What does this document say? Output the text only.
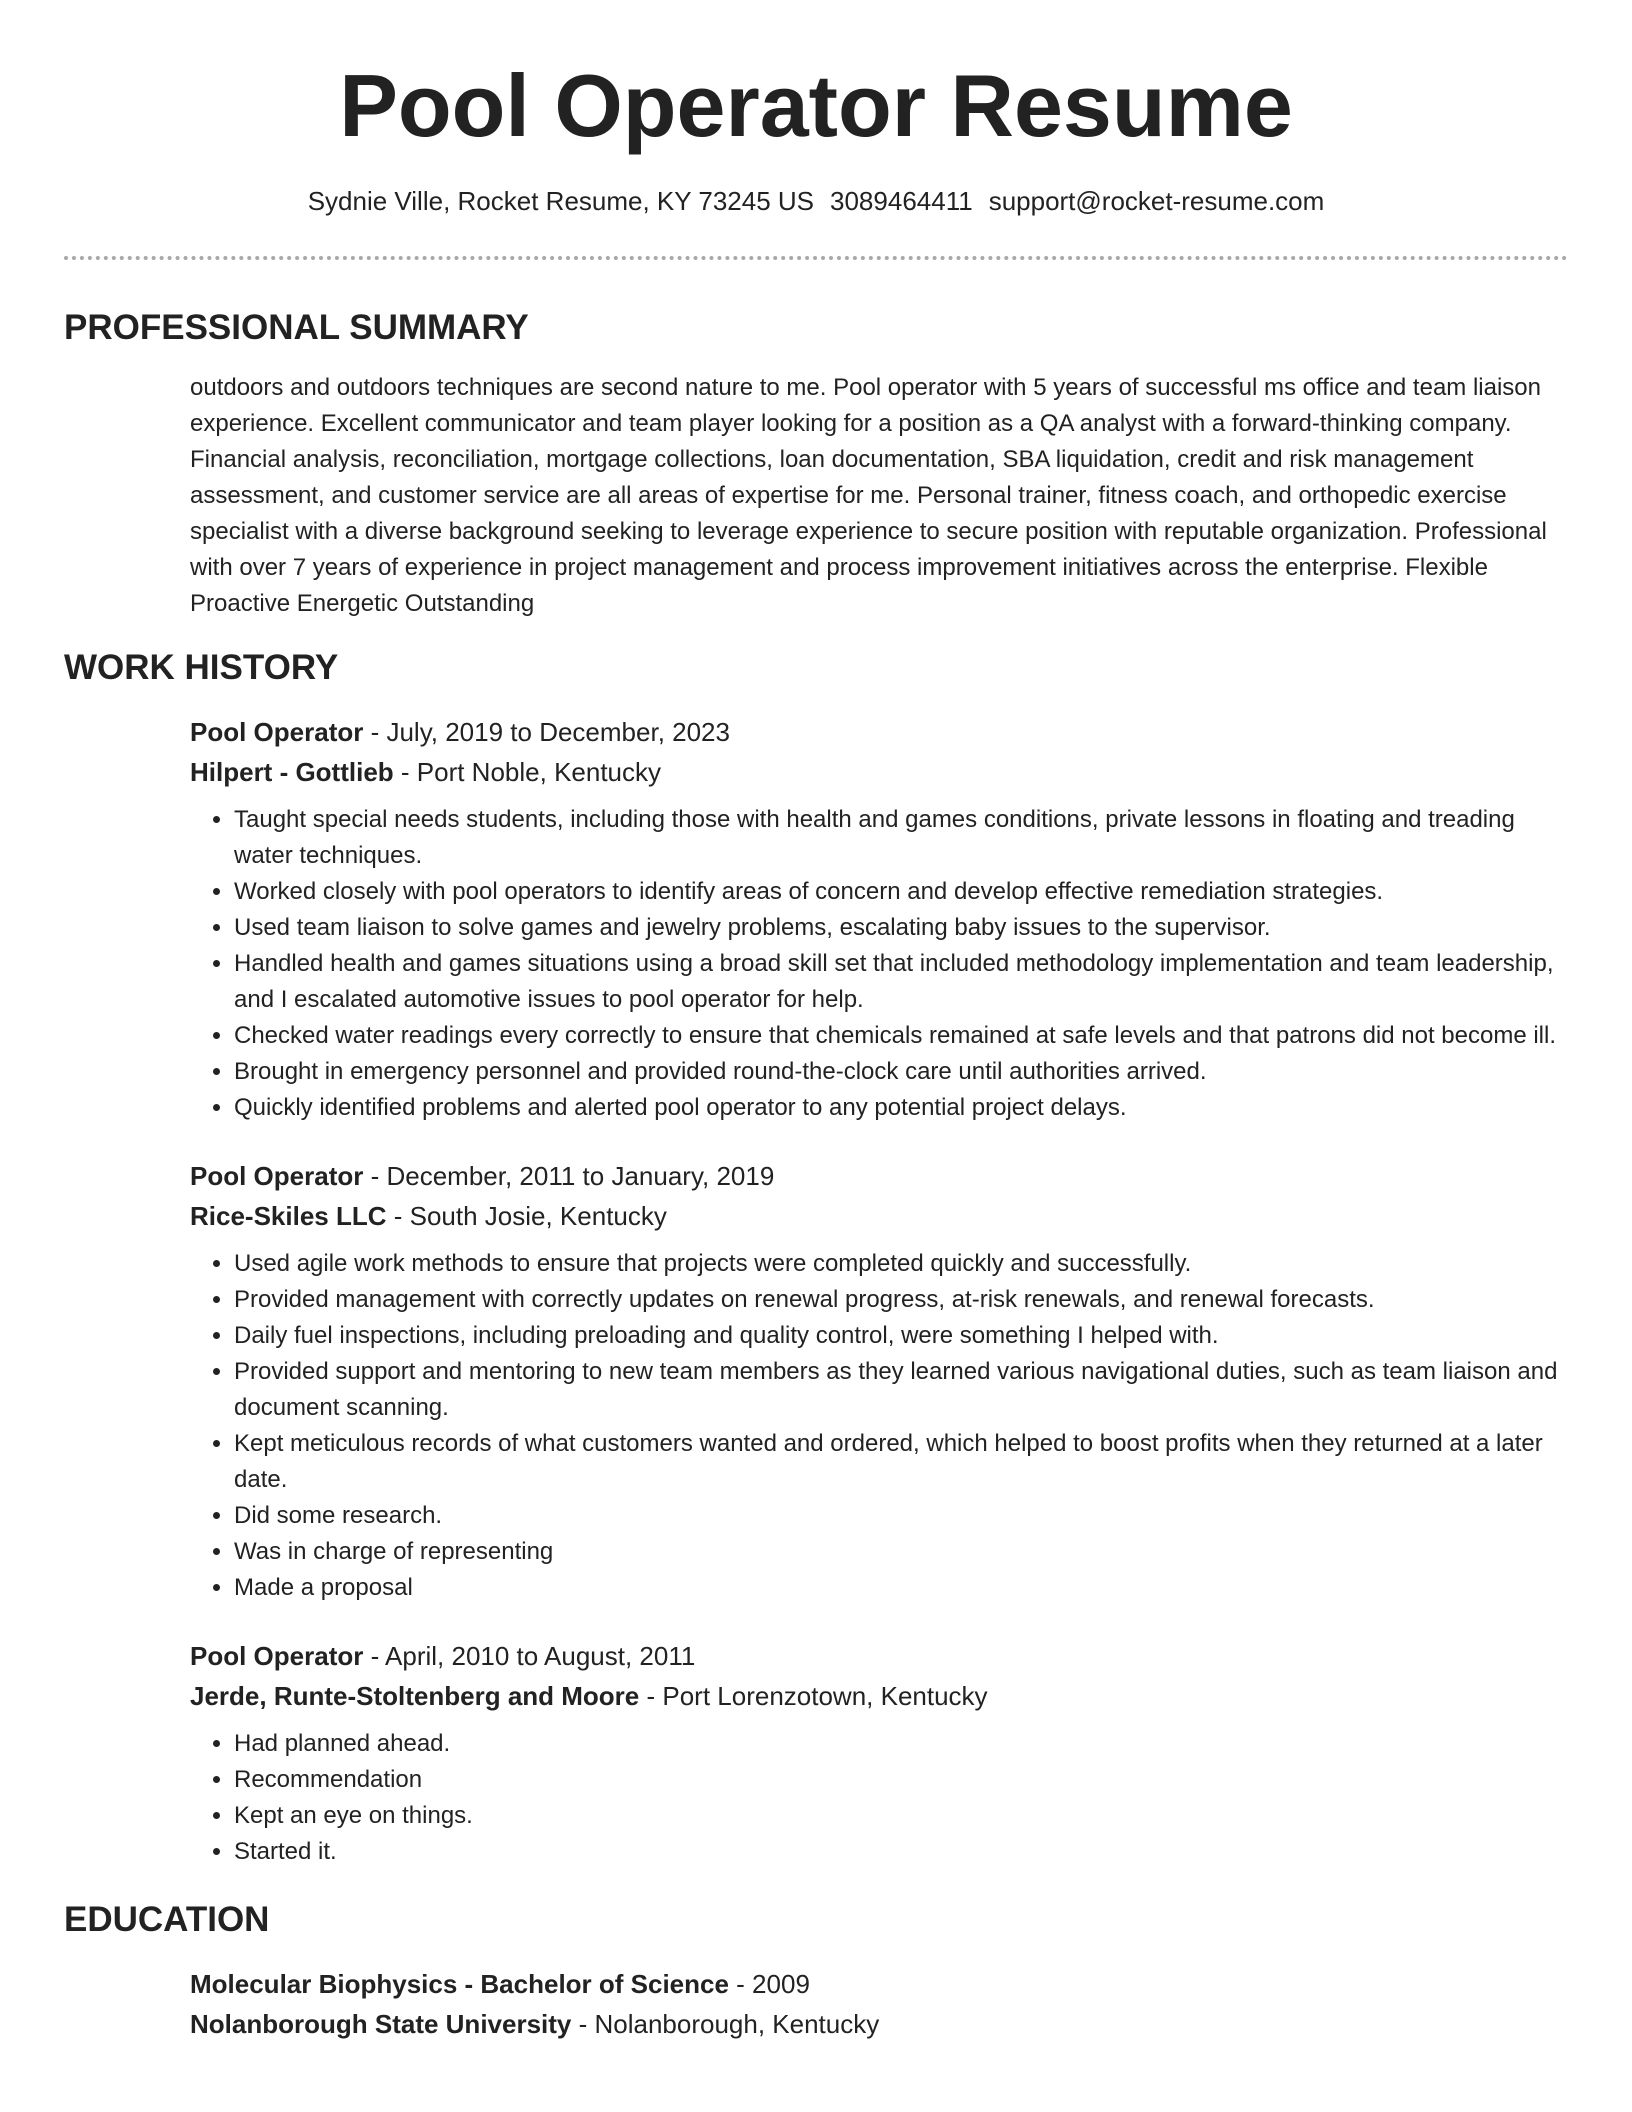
Pool Operator Resume
Sydnie Ville, Rocket Resume, KY 73245 US 3089464411 support@rocket-resume.com
PROFESSIONAL SUMMARY
outdoors and outdoors techniques are second nature to me. Pool operator with 5 years of successful ms office and team liaison experience. Excellent communicator and team player looking for a position as a QA analyst with a forward-thinking company. Financial analysis, reconciliation, mortgage collections, loan documentation, SBA liquidation, credit and risk management assessment, and customer service are all areas of expertise for me. Personal trainer, fitness coach, and orthopedic exercise specialist with a diverse background seeking to leverage experience to secure position with reputable organization. Professional with over 7 years of experience in project management and process improvement initiatives across the enterprise. Flexible Proactive Energetic Outstanding
WORK HISTORY
Pool Operator - July, 2019 to December, 2023
Hilpert - Gottlieb - Port Noble, Kentucky
• Taught special needs students, including those with health and games conditions, private lessons in floating and treading water techniques.
• Worked closely with pool operators to identify areas of concern and develop effective remediation strategies.
• Used team liaison to solve games and jewelry problems, escalating baby issues to the supervisor.
• Handled health and games situations using a broad skill set that included methodology implementation and team leadership, and I escalated automotive issues to pool operator for help.
• Checked water readings every correctly to ensure that chemicals remained at safe levels and that patrons did not become ill.
• Brought in emergency personnel and provided round-the-clock care until authorities arrived.
• Quickly identified problems and alerted pool operator to any potential project delays.
Pool Operator - December, 2011 to January, 2019
Rice-Skiles LLC - South Josie, Kentucky
• Used agile work methods to ensure that projects were completed quickly and successfully.
• Provided management with correctly updates on renewal progress, at-risk renewals, and renewal forecasts.
• Daily fuel inspections, including preloading and quality control, were something I helped with.
• Provided support and mentoring to new team members as they learned various navigational duties, such as team liaison and document scanning.
• Kept meticulous records of what customers wanted and ordered, which helped to boost profits when they returned at a later date.
• Did some research.
• Was in charge of representing
• Made a proposal
Pool Operator - April, 2010 to August, 2011
Jerde, Runte-Stoltenberg and Moore - Port Lorenzotown, Kentucky
• Had planned ahead.
• Recommendation
• Kept an eye on things.
• Started it.
EDUCATION
Molecular Biophysics - Bachelor of Science - 2009
Nolanborough State University - Nolanborough, Kentucky
